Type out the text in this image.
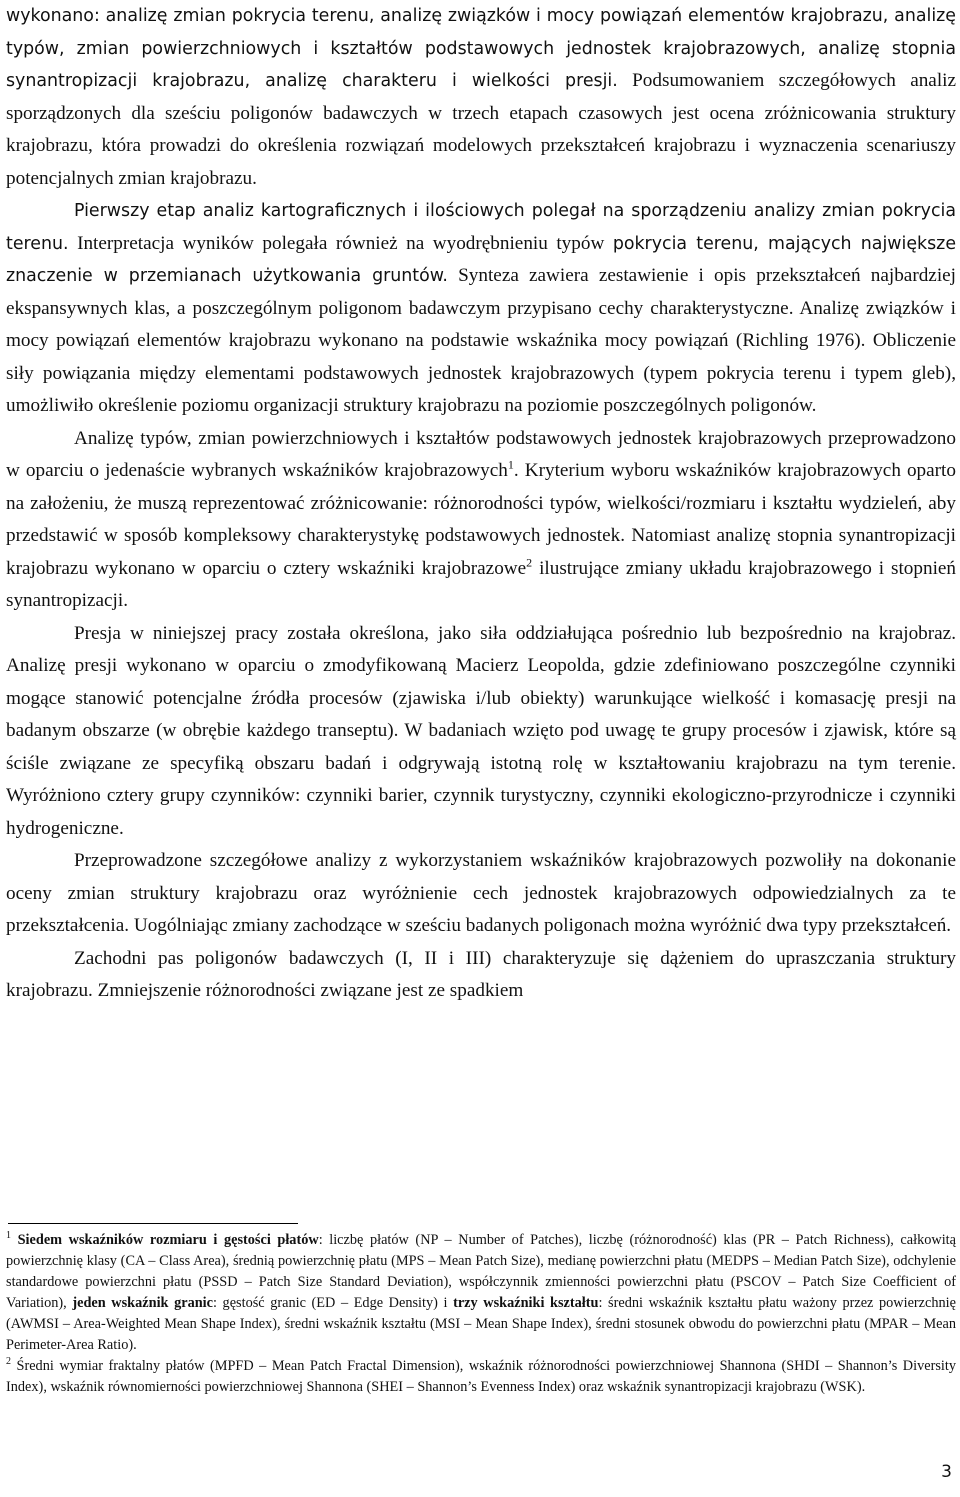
wykonano: analizę zmian pokrycia terenu, analizę związków i mocy powiązań elementów krajobrazu, analizę typów, zmian powierzchniowych i kształtów podstawowych jednostek krajobrazowych, analizę stopnia synantropizacji krajobrazu, analizę charakteru i wielkości presji. Podsumowaniem szczegółowych analiz sporządzonych dla sześciu poligonów badawczych w trzech etapach czasowych jest ocena zróżnicowania struktury krajobrazu, która prowadzi do określenia rozwiązań modelowych przekształceń krajobrazu i wyznaczenia scenariuszy potencjalnych zmian krajobrazu.

Pierwszy etap analiz kartograficznych i ilościowych polegał na sporządzeniu analizy zmian pokrycia terenu. Interpretacja wyników polegała również na wyodrębnieniu typów pokrycia terenu, mających największe znaczenie w przemianach użytkowania gruntów. Synteza zawiera zestawienie i opis przekształceń najbardziej ekspansywnych klas, a poszczególnym poligonom badawczym przypisano cechy charakterystyczne. Analizę związków i mocy powiązań elementów krajobrazu wykonano na podstawie wskaźnika mocy powiązań (Richling 1976). Obliczenie siły powiązania między elementami podstawowych jednostek krajobrazowych (typem pokrycia terenu i typem gleb), umożliwiło określenie poziomu organizacji struktury krajobrazu na poziomie poszczególnych poligonów.

Analizę typów, zmian powierzchniowych i kształtów podstawowych jednostek krajobrazowych przeprowadzono w oparciu o jedenaście wybranych wskaźników krajobrazowych$^1$. Kryterium wyboru wskaźników krajobrazowych oparto na założeniu, że muszą reprezentować zróżnicowanie: różnorodności typów, wielkości/rozmiaru i kształtu wydzieleń, aby przedstawić w sposób kompleksowy charakterystykę podstawowych jednostek. Natomiast analizę stopnia synantropizacji krajobrazu wykonano w oparciu o cztery wskaźniki krajobrazowe$^2$ ilustrujące zmiany układu krajobrazowego i stopnień synantropizacji.

Presja w niniejszej pracy została określona, jako siła oddziałująca pośrednio lub bezpośrednio na krajobraz. Analizę presji wykonano w oparciu o zmodyfikowaną Macierz Leopolda, gdzie zdefiniowano poszczególne czynniki mogące stanowić potencjalne źródła procesów (zjawiska i/lub obiekty) warunkujące wielkość i komasację presji na badanym obszarze (w obrębie każdego transeptu). W badaniach wzięto pod uwagę te grupy procesów i zjawisk, które są ściśle związane ze specyfiką obszaru badań i odgrywają istotną rolę w kształtowaniu krajobrazu na tym terenie. Wyróżniono cztery grupy czynników: czynniki barier, czynnik turystyczny, czynniki ekologiczno-przyrodnicze i czynniki hydrogeniczne.

Przeprowadzone szczegółowe analizy z wykorzystaniem wskaźników krajobrazowych pozwoliły na dokonanie oceny zmian struktury krajobrazu oraz wyróżnienie cech jednostek krajobrazowych odpowiedzialnych za te przekształcenia. Uogólniając zmiany zachodzące w sześciu badanych poligonach można wyróżnić dwa typy przekształceń.

Zachodni pas poligonów badawczych (I, II i III) charakteryzuje się dążeniem do upraszczania struktury krajobrazu. Zmniejszenie różnorodności związane jest ze spadkiem

$^1$ Siedem wskaźników rozmiaru i gęstości płatów: liczbę płatów (NP – Number of Patches), liczbę (różnorodność) klas (PR – Patch Richness), całkowitą powierzchnię klasy (CA – Class Area), średnią powierzchnię płatu (MPS – Mean Patch Size), medianę powierzchni płatu (MEDPS – Median Patch Size), odchylenie standardowe powierzchni płatu (PSSD – Patch Size Standard Deviation), współczynnik zmienności powierzchni płatu (PSCOV – Patch Size Coefficient of Variation), jeden wskaźnik granic: gęstość granic (ED – Edge Density) i trzy wskaźniki kształtu: średni wskaźnik kształtu płatu ważony przez powierzchnię (AWMSI – Area-Weighted Mean Shape Index), średni wskaźnik kształtu (MSI – Mean Shape Index), średni stosunek obwodu do powierzchni płatu (MPAR – Mean Perimeter-Area Ratio).

$^2$ Średni wymiar fraktalny płatów (MPFD – Mean Patch Fractal Dimension), wskaźnik różnorodności powierzchniowej Shannona (SHDI – Shannon’s Diversity Index), wskaźnik równomierności powierzchniowej Shannona (SHEI – Shannon’s Evenness Index) oraz wskaźnik synantropizacji krajobrazu (WSK).

3
